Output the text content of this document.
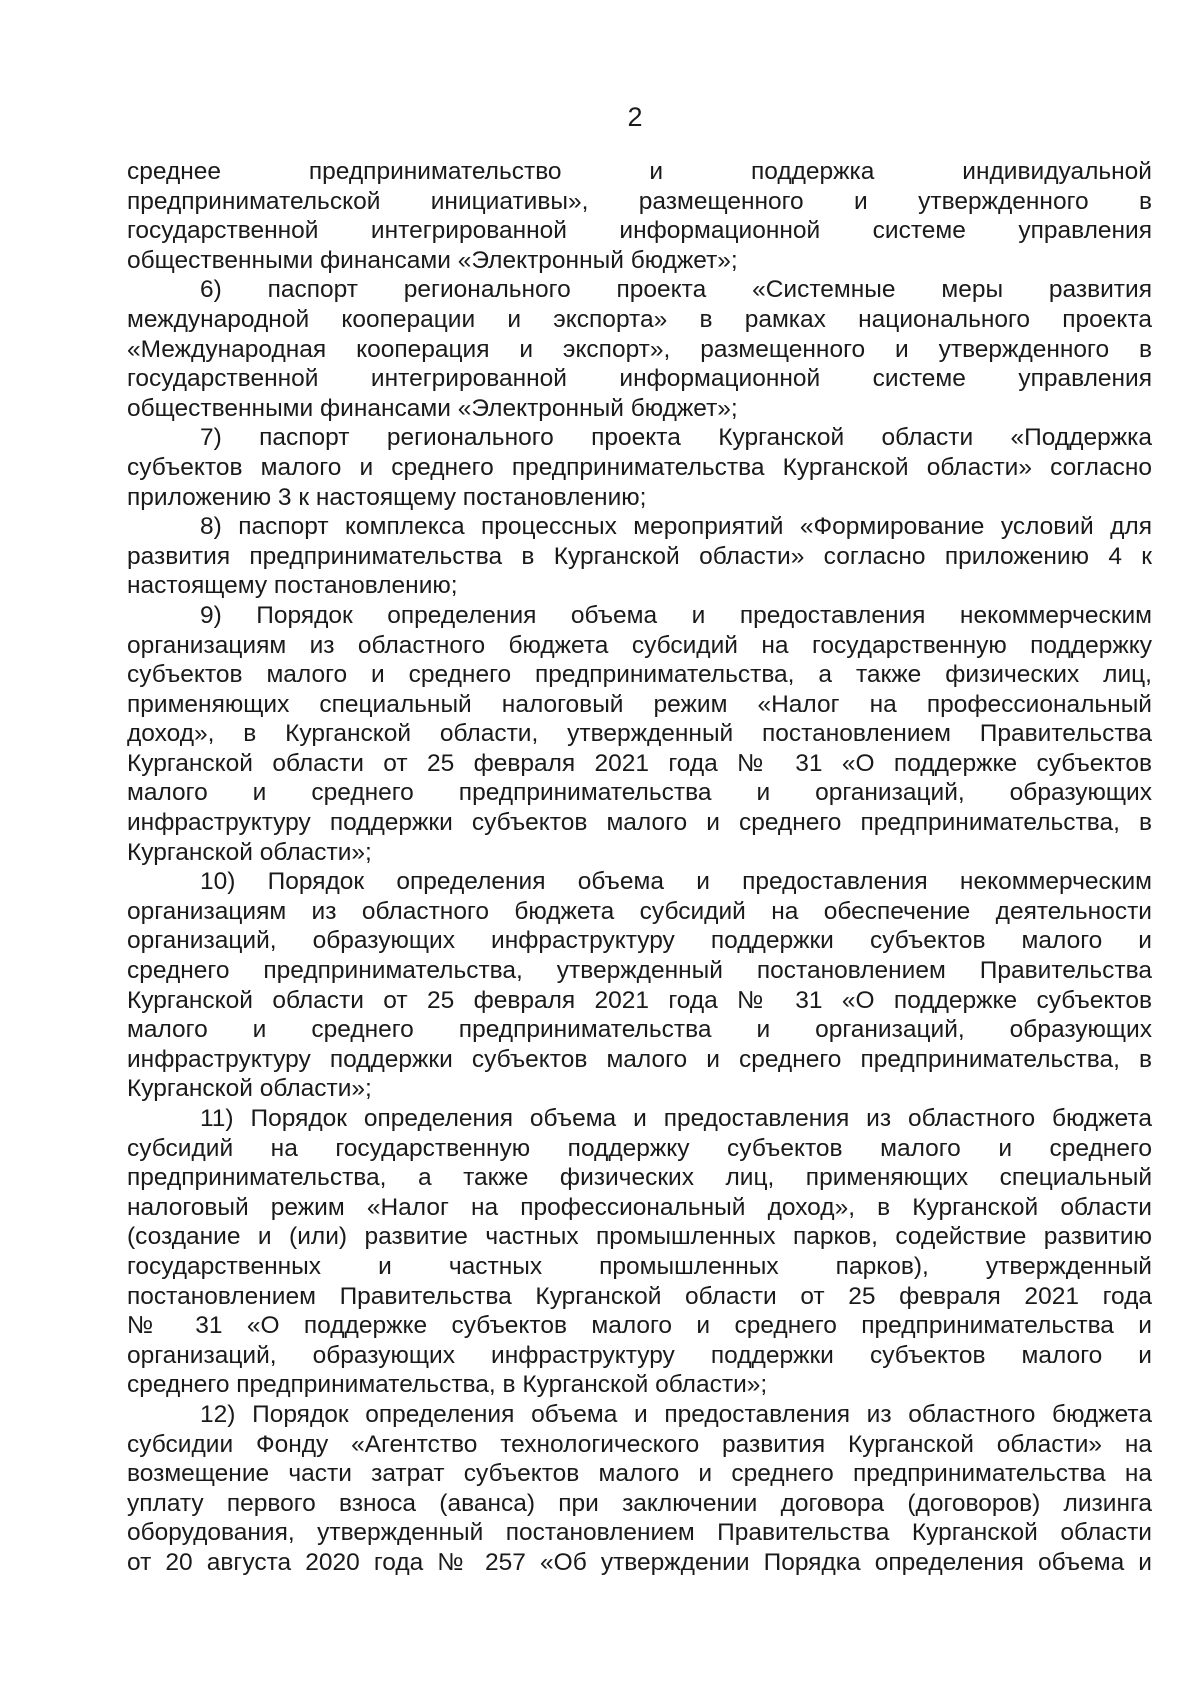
2
среднее предпринимательство и поддержка индивидуальной
предпринимательской инициативы», размещенного и утвержденного в
государственной интегрированной информационной системе управления
общественными финансами «Электронный бюджет»;
6) паспорт регионального проекта «Системные меры развития
международной кооперации и экспорта» в рамках национального проекта
«Международная кооперация и экспорт», размещенного и утвержденного в
государственной интегрированной информационной системе управления
общественными финансами «Электронный бюджет»;
7) паспорт регионального проекта Курганской области «Поддержка
субъектов малого и среднего предпринимательства Курганской области» согласно
приложению 3 к настоящему постановлению;
8) паспорт комплекса процессных мероприятий «Формирование условий для
развития предпринимательства в Курганской области» согласно приложению 4 к
настоящему постановлению;
9) Порядок определения объема и предоставления некоммерческим
организациям из областного бюджета субсидий на государственную поддержку
субъектов малого и среднего предпринимательства, а также физических лиц,
применяющих специальный налоговый режим «Налог на профессиональный
доход», в Курганской области, утвержденный постановлением Правительства
Курганской области от 25 февраля 2021 года № 31 «О поддержке субъектов
малого и среднего предпринимательства и организаций, образующих
инфраструктуру поддержки субъектов малого и среднего предпринимательства, в
Курганской области»;
10) Порядок определения объема и предоставления некоммерческим
организациям из областного бюджета субсидий на обеспечение деятельности
организаций, образующих инфраструктуру поддержки субъектов малого и
среднего предпринимательства, утвержденный постановлением Правительства
Курганской области от 25 февраля 2021 года № 31 «О поддержке субъектов
малого и среднего предпринимательства и организаций, образующих
инфраструктуру поддержки субъектов малого и среднего предпринимательства, в
Курганской области»;
11) Порядок определения объема и предоставления из областного бюджета
субсидий на государственную поддержку субъектов малого и среднего
предпринимательства, а также физических лиц, применяющих специальный
налоговый режим «Налог на профессиональный доход», в Курганской области
(создание и (или) развитие частных промышленных парков, содействие развитию
государственных и частных промышленных парков), утвержденный
постановлением Правительства Курганской области от 25 февраля 2021 года
№ 31 «О поддержке субъектов малого и среднего предпринимательства и
организаций, образующих инфраструктуру поддержки субъектов малого и
среднего предпринимательства, в Курганской области»;
12) Порядок определения объема и предоставления из областного бюджета
субсидии Фонду «Агентство технологического развития Курганской области» на
возмещение части затрат субъектов малого и среднего предпринимательства на
уплату первого взноса (аванса) при заключении договора (договоров) лизинга
оборудования, утвержденный постановлением Правительства Курганской области
от 20 августа 2020 года № 257 «Об утверждении Порядка определения объема и
